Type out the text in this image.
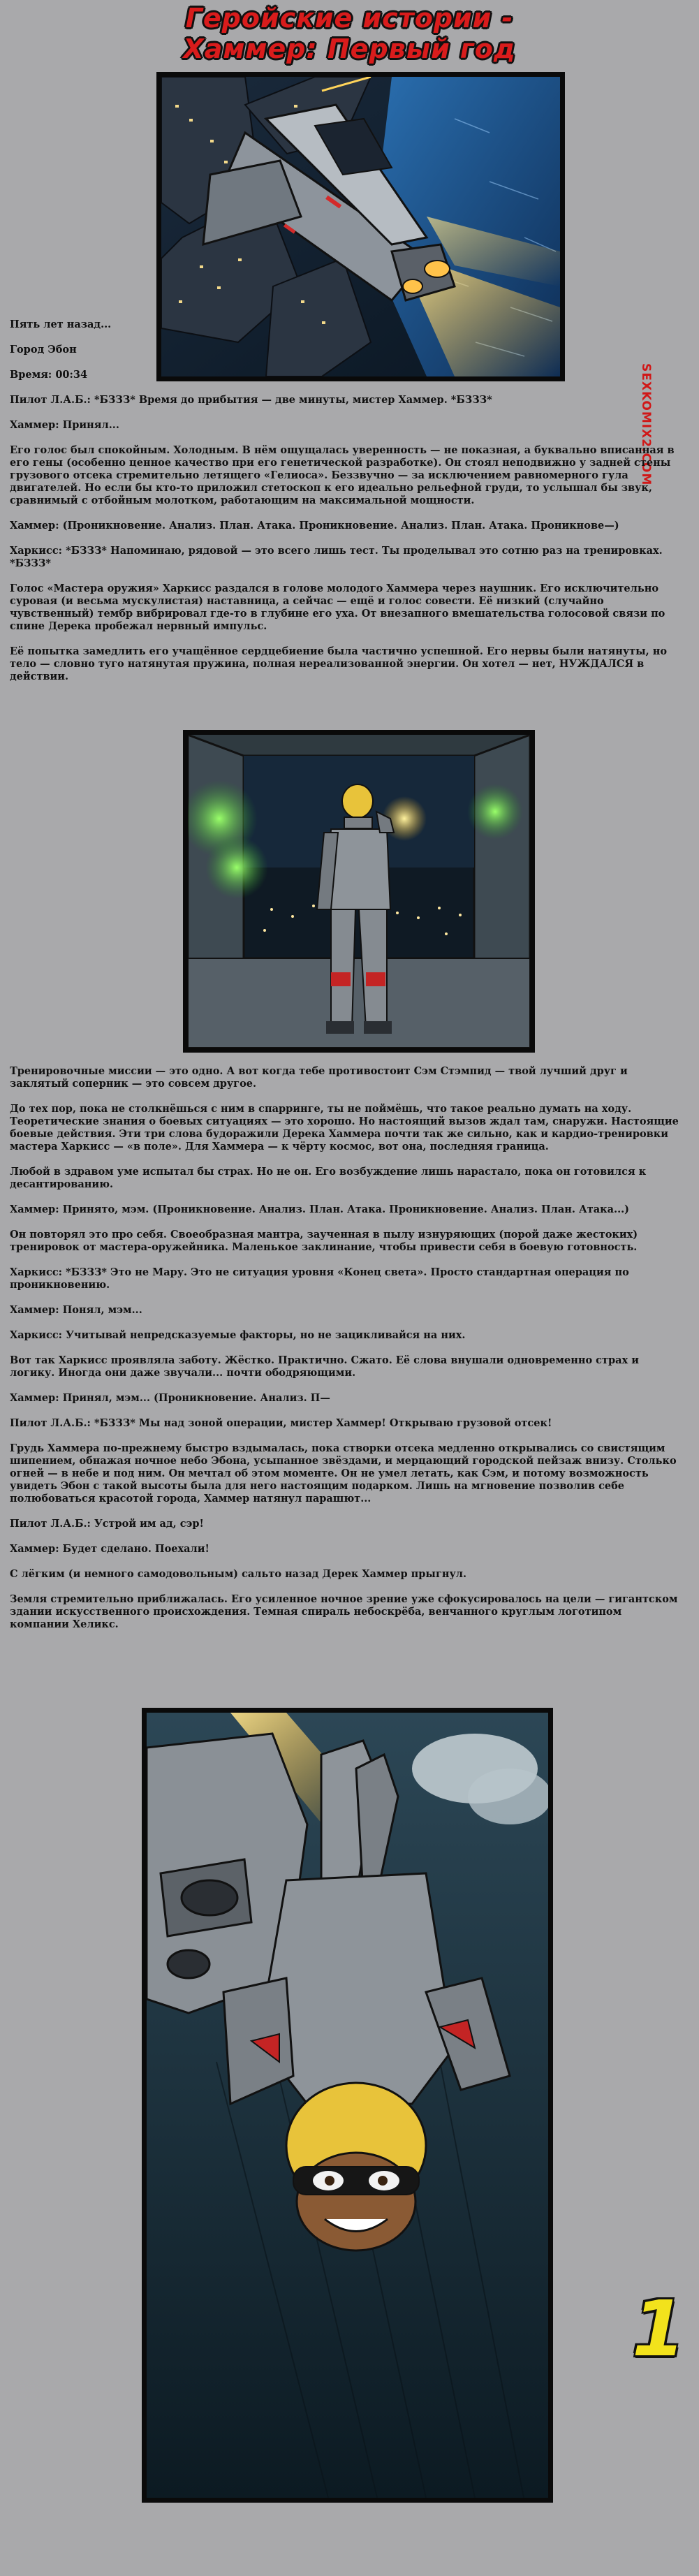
Геройские истории -
Хаммер: Первый год
SEXKOMIX2.COM

Пять лет назад...

Город Эбон

Время: 00:34

Пилот Л.А.Б.: *БЗЗЗ* Время до прибытия — две минуты, мистер Хаммер. *БЗЗЗ*

Хаммер: Принял...

Его голос был спокойным. Холодным. В нём ощущалась уверенность — не показная, а буквально вписанная в его гены (особенно ценное качество при его генетической разработке). Он стоял неподвижно у задней стены грузового отсека стремительно летящего «Гелиоса». Беззвучно — за исключением равномерного гула двигателей. Но если бы кто-то приложил стетоскоп к его идеально рельефной груди, то услышал бы звук, сравнимый с отбойным молотком, работающим на максимальной мощности.

Хаммер: (Проникновение. Анализ. План. Атака. Проникновение. Анализ. План. Атака. Проникнове—)

Харкисс: *БЗЗЗ* Напоминаю, рядовой — это всего лишь тест. Ты проделывал это сотню раз на тренировках. *БЗЗЗ*

Голос «Мастера оружия» Харкисс раздался в голове молодого Хаммера через наушник. Его исключительно суровая (и весьма мускулистая) наставница, а сейчас — ещё и голос совести. Её низкий (случайно чувственный) тембр вибрировал где-то в глубине его уха. От внезапного вмешательства голосовой связи по спине Дерека пробежал нервный импульс.

Её попытка замедлить его учащённое сердцебиение была частично успешной. Его нервы были натянуты, но тело — словно туго натянутая пружина, полная нереализованной энергии. Он хотел — нет, НУЖДАЛСЯ в действии.

Тренировочные миссии — это одно. А вот когда тебе противостоит Сэм Стэмпид — твой лучший друг и заклятый соперник — это совсем другое.

До тех пор, пока не столкнёшься с ним в спарринге, ты не поймёшь, что такое реально думать на ходу. Теоретические знания о боевых ситуациях — это хорошо. Но настоящий вызов ждал там, снаружи. Настоящие боевые действия. Эти три слова будоражили Дерека Хаммера почти так же сильно, как и кардио-тренировки мастера Харкисс — «в поле». Для Хаммера — к чёрту космос, вот она, последняя граница.

Любой в здравом уме испытал бы страх. Но не он. Его возбуждение лишь нарастало, пока он готовился к десантированию.

Хаммер: Принято, мэм. (Проникновение. Анализ. План. Атака. Проникновение. Анализ. План. Атака...)

Он повторял это про себя. Своеобразная мантра, заученная в пылу изнуряющих (порой даже жестоких) тренировок от мастера-оружейника. Маленькое заклинание, чтобы привести себя в боевую готовность.

Харкисс: *БЗЗЗ* Это не Мару. Это не ситуация уровня «Конец света». Просто стандартная операция по проникновению.

Хаммер: Понял, мэм...

Харкисс: Учитывай непредсказуемые факторы, но не зацикливайся на них.

Вот так Харкисс проявляла заботу. Жёстко. Практично. Сжато. Её слова внушали одновременно страх и логику. Иногда они даже звучали... почти ободряющими.

Хаммер: Принял, мэм... (Проникновение. Анализ. П—

Пилот Л.А.Б.: *БЗЗЗ* Мы над зоной операции, мистер Хаммер! Открываю грузовой отсек!

Грудь Хаммера по-прежнему быстро вздымалась, пока створки отсека медленно открывались со свистящим шипением, обнажая ночное небо Эбона, усыпанное звёздами, и мерцающий городской пейзаж внизу. Столько огней — в небе и под ним. Он мечтал об этом моменте. Он не умел летать, как Сэм, и потому возможность увидеть Эбон с такой высоты была для него настоящим подарком. Лишь на мгновение позволив себе полюбоваться красотой города, Хаммер натянул парашют...

Пилот Л.А.Б.: Устрой им ад, сэр!

Хаммер: Будет сделано. Поехали!

С лёгким (и немного самодовольным) сальто назад Дерек Хаммер прыгнул.

Земля стремительно приближалась. Его усиленное ночное зрение уже сфокусировалось на цели — гигантском здании искусственного происхождения. Темная спираль небоскрёба, венчанного круглым логотипом компании Хеликс.

1
